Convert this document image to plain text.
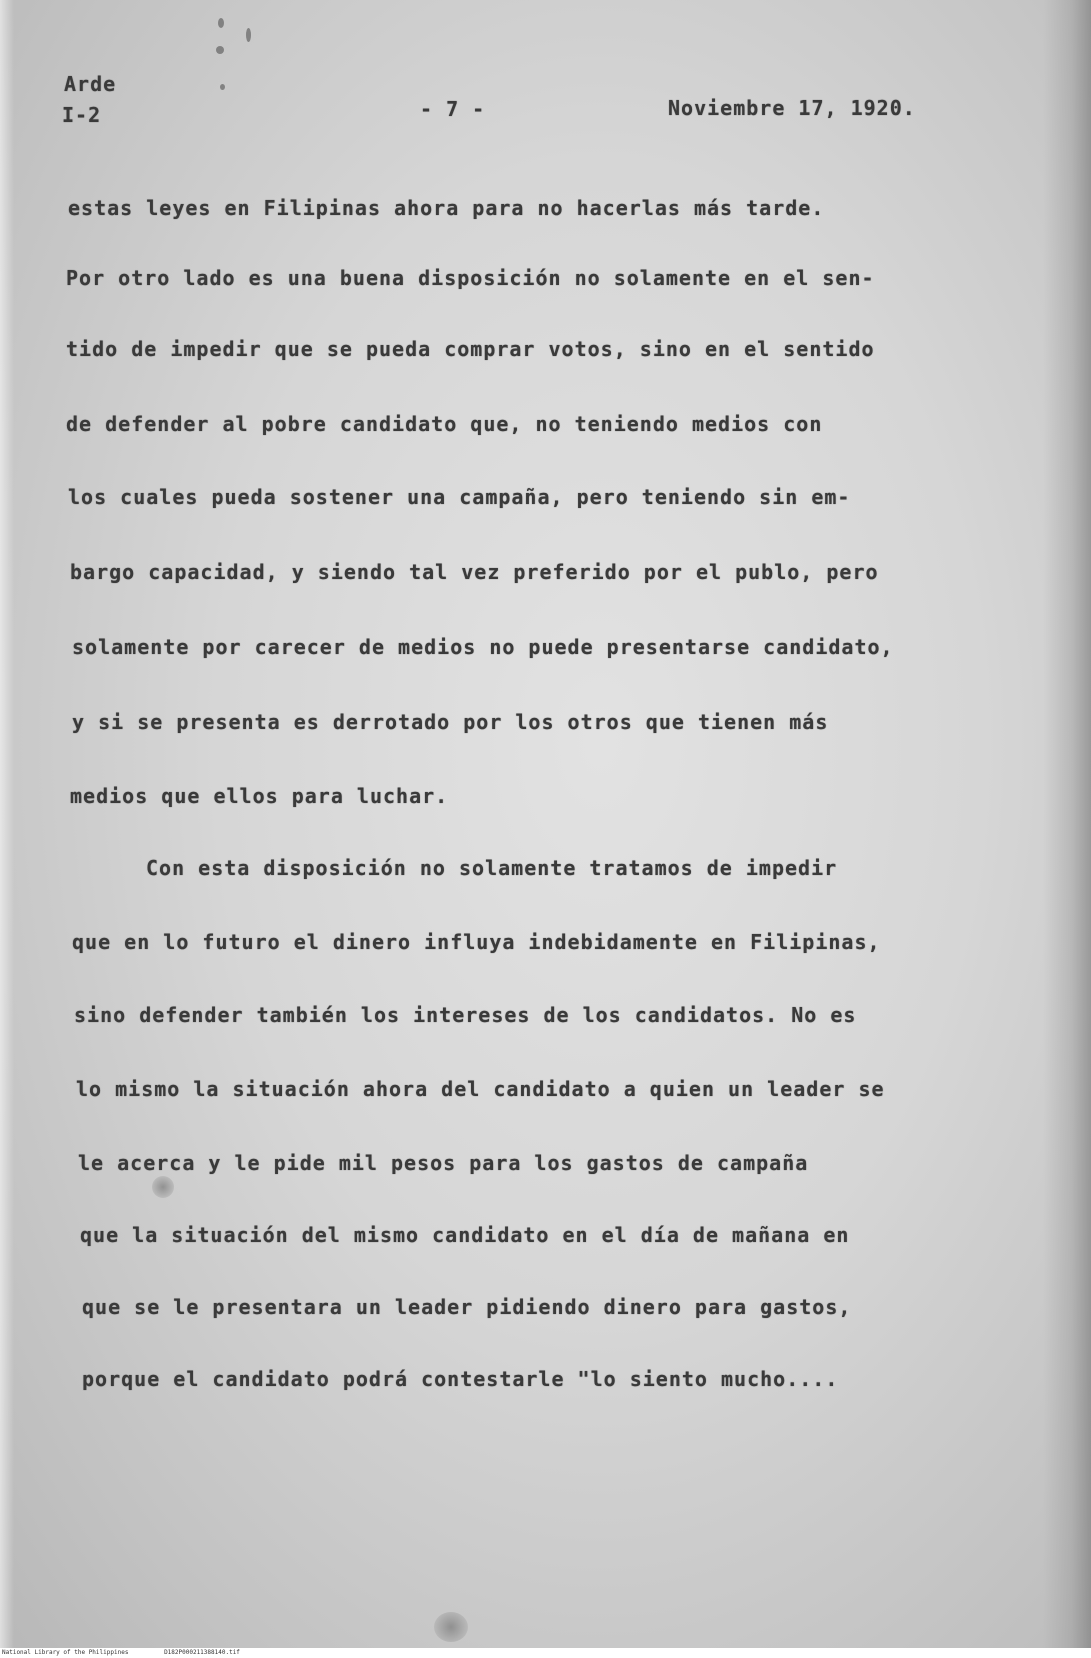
Arde
I-2	- 7 -	Noviembre 17, 1920.
estas leyes en Filipinas ahora para no hacerlas más tarde.
Por otro lado es una buena disposición no solamente en el sen-
tido de impedir que se pueda comprar votos, sino en el sentido
de defender al pobre candidato que, no teniendo medios con
los cuales pueda sostener una campaña, pero teniendo sin em-
bargo capacidad, y siendo tal vez preferido por el publo, pero
solamente por carecer de medios no puede presentarse candidato,
y si se presenta es derrotado por los otros que tienen más
medios que ellos para luchar.
Con esta disposición no solamente tratamos de impedir
que en lo futuro el dinero influya indebidamente en Filipinas,
sino defender también los intereses de los candidatos. No es
lo mismo la situación ahora del candidato a quien un leader se
le acerca y le pide mil pesos para los gastos de campaña
que la situación del mismo candidato en el día de mañana en
que se le presentara un leader pidiendo dinero para gastos,
porque el candidato podrá contestarle "lo siento mucho....
National Library of the Philippines	D182P000211388140.tif
